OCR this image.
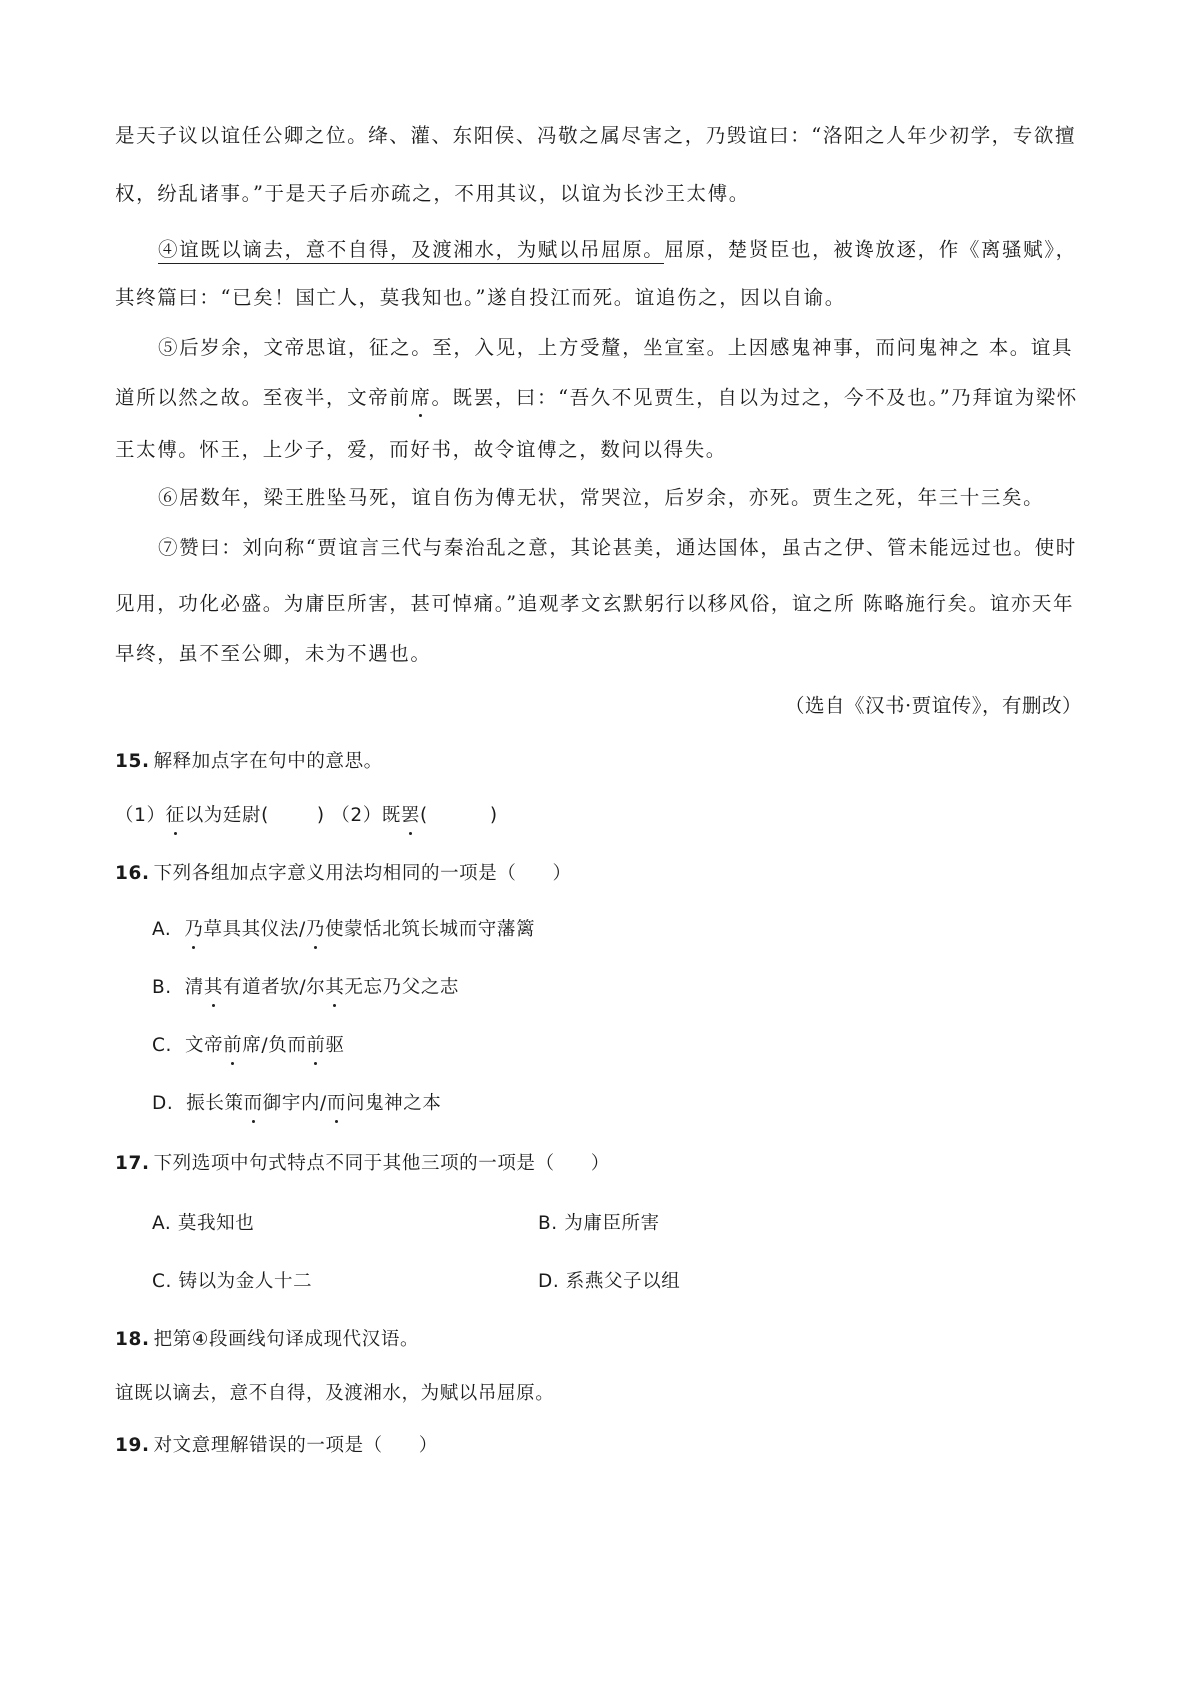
是天子议以谊任公卿之位。绛、灌、东阳侯、冯敬之属尽害之，乃毁谊曰：“洛阳之人年少初学，专欲擅
权，纷乱诸事。”于是天子后亦疏之，不用其议，以谊为长沙王太傅。
④谊既以谪去，意不自得，及渡湘水，为赋以吊屈原。屈原，楚贤臣也，被谗放逐，作《离骚赋》，
其终篇曰：“已矣！国亡人，莫我知也。”遂自投江而死。谊追伤之，因以自谕。
⑤后岁余，文帝思谊，征之。至，入见，上方受釐，坐宣室。上因感鬼神事，而问鬼神之 本。谊具
道所以然之故。至夜半，文帝前席。既罢，曰：“吾久不见贾生，自以为过之，今不及也。”乃拜谊为梁怀
王太傅。怀王，上少子，爱，而好书，故令谊傅之，数问以得失。
⑥居数年，梁王胜坠马死，谊自伤为傅无状，常哭泣，后岁余，亦死。贾生之死，年三十三矣。
⑦赞曰：刘向称“贾谊言三代与秦治乱之意，其论甚美，通达国体，虽古之伊、管未能远过也。使时
见用，功化必盛。为庸臣所害，甚可悼痛。”追观孝文玄默躬行以移风俗，谊之所 陈略施行矣。谊亦天年
早终，虽不至公卿，未为不遇也。
（选自《汉书·贾谊传》，有删改）
15. 解释加点字在句中的意思。
（1）征以为廷尉(	) （2）既罢(	)
16. 下列各组加点字意义用法均相同的一项是（ ）
A. 乃草具其仪法/乃使蒙恬北筑长城而守藩篱
B. 清其有道者欤/尔其无忘乃父之志
C. 文帝前席/负而前驱
D. 振长策而御宇内/而问鬼神之本
17. 下列选项中句式特点不同于其他三项的一项是（ ）
A. 莫我知也	B. 为庸臣所害
C. 铸以为金人十二	D. 系燕父子以组
18. 把第④段画线句译成现代汉语。
谊既以谪去，意不自得，及渡湘水，为赋以吊屈原。
19. 对文意理解错误的一项是（ ）
